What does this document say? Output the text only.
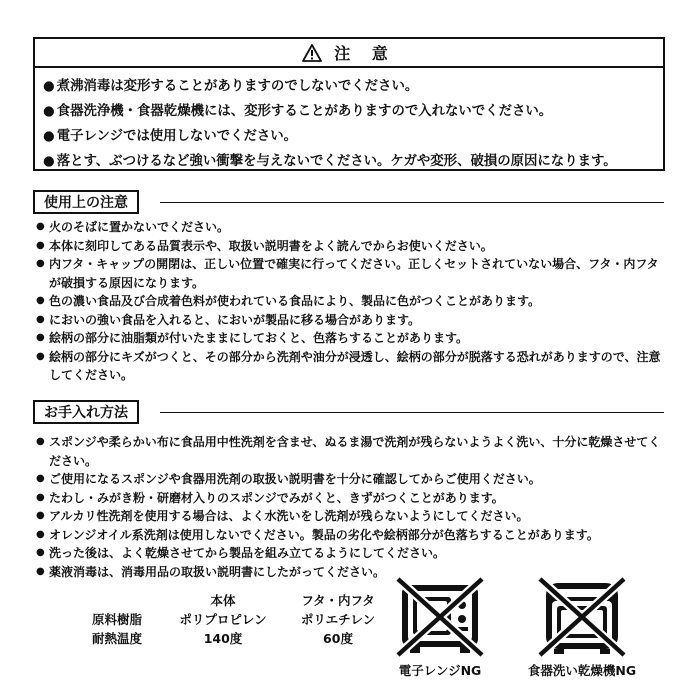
注 意
● 煮沸消毒は変形することがありますのでしないでください。
● 食器洗浄機・食器乾燥機には、変形することがありますので入れないでください。
● 電子レンジでは使用しないでください。
● 落とす、ぶつけるなど強い衝撃を与えないでください。ケガや変形、破損の原因になります。
使用上の注意
● 火のそばに置かないでください。
● 本体に刻印してある品質表示や、取扱い説明書をよく読んでからお使いください。
● 内フタ・キャップの開閉は、正しい位置で確実に行ってください。正しくセットされていない場合、フタ・内フタが破損する原因になります。
● 色の濃い食品及び合成着色料が使われている食品により、製品に色がつくことがあります。
● においの強い食品を入れると、においが製品に移る場合があります。
● 絵柄の部分に油脂類が付いたままにしておくと、色落ちすることがあります。
● 絵柄の部分にキズがつくと、その部分から洗剤や油分が浸透し、絵柄の部分が脱落する恐れがありますので、注意してください。
お手入れ方法
● スポンジや柔らかい布に食品用中性洗剤を含ませ、ぬるま湯で洗剤が残らないようよく洗い、十分に乾燥させてください。
● ご使用になるスポンジや食器用洗剤の取扱い説明書を十分に確認してからご使用ください。
● たわし・みがき粉・研磨材入りのスポンジでみがくと、きずがつくことがあります。
● アルカリ性洗剤を使用する場合は、よく水洗いをし洗剤が残らないようにしてください。
● オレンジオイル系洗剤は使用しないでください。製品の劣化や絵柄部分が色落ちすることがあります。
● 洗った後は、よく乾燥させてから製品を組み立てるようにしてください。
● 薬液消毒は、消毒用品の取扱い説明書にしたがってください。
	本体	フタ・内フタ
原料樹脂	ポリプロピレン	ポリエチレン
耐熱温度	140度	60度
電子レンジNG	食器洗い乾燥機NG
